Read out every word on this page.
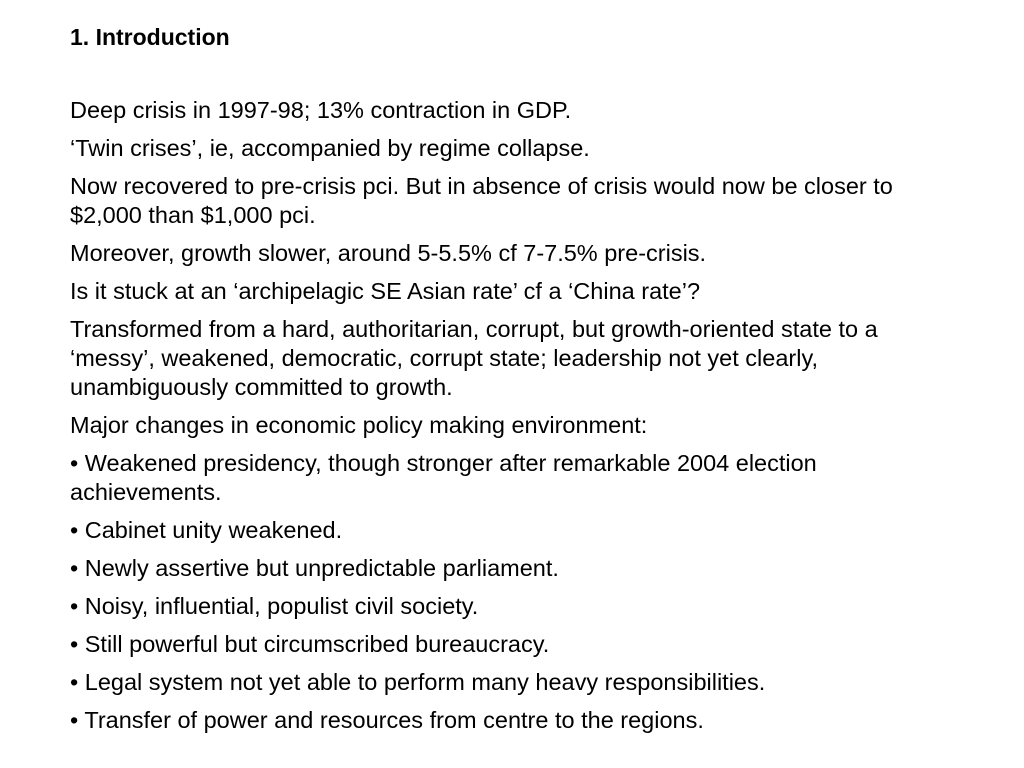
1. Introduction

Deep crisis in 1997-98; 13% contraction in GDP.

‘Twin crises’, ie, accompanied by regime collapse.

Now recovered to pre-crisis pci. But in absence of crisis would now be closer to $2,000 than $1,000 pci.

Moreover, growth slower, around 5-5.5% cf 7-7.5% pre-crisis.

Is it stuck at an ‘archipelagic SE Asian rate’ cf a ‘China rate’?

Transformed from a hard, authoritarian, corrupt, but growth-oriented state to a ‘messy’, weakened, democratic, corrupt state; leadership not yet clearly, unambiguously committed to growth.

Major changes in economic policy making environment:

• Weakened presidency, though stronger after remarkable 2004 election achievements.

• Cabinet unity weakened.

• Newly assertive but unpredictable parliament.

• Noisy, influential, populist civil society.

• Still powerful but circumscribed bureaucracy.

• Legal system not yet able to perform many heavy responsibilities.

• Transfer of power and resources from centre to the regions.
